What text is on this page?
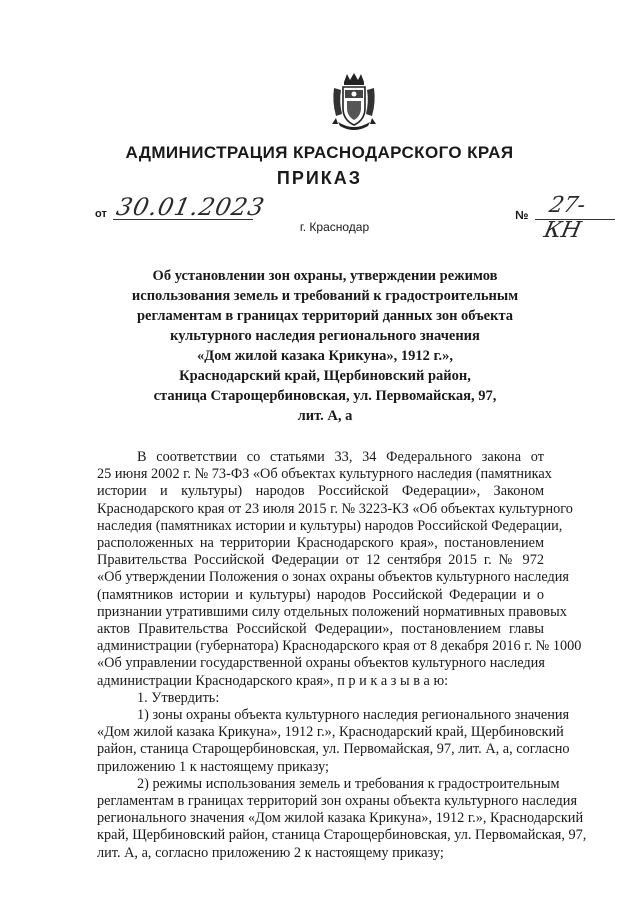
АДМИНИСТРАЦИЯ КРАСНОДАРСКОГО КРАЯ
ПРИКАЗ
от 30.01.2023	№ 27-КН
г. Краснодар
Об установлении зон охраны, утверждении режимов
использования земель и требований к градостроительным
регламентам в границах территорий данных зон объекта
культурного наследия регионального значения
«Дом жилой казака Крикуна», 1912 г.»,
Краснодарский край, Щербиновский район,
станица Старощербиновская, ул. Первомайская, 97,
лит. А, а

В соответствии со статьями 33, 34 Федерального закона от
25 июня 2002 г. № 73-ФЗ «Об объектах культурного наследия (памятниках
истории и культуры) народов Российской Федерации», Законом
Краснодарского края от 23 июля 2015 г. № 3223-КЗ «Об объектах культурного
наследия (памятниках истории и культуры) народов Российской Федерации,
расположенных на территории Краснодарского края», постановлением
Правительства Российской Федерации от 12 сентября 2015 г. № 972
«Об утверждении Положения о зонах охраны объектов культурного наследия
(памятников истории и культуры) народов Российской Федерации и о
признании утратившими силу отдельных положений нормативных правовых
актов Правительства Российской Федерации», постановлением главы
администрации (губернатора) Краснодарского края от 8 декабря 2016 г. № 1000
«Об управлении государственной охраны объектов культурного наследия
администрации Краснодарского края», п р и к а з ы в а ю:

1. Утвердить:

1) зоны охраны объекта культурного наследия регионального значения
«Дом жилой казака Крикуна», 1912 г.», Краснодарский край, Щербиновский
район, станица Старощербиновская, ул. Первомайская, 97, лит. А, а, согласно
приложению 1 к настоящему приказу;

2) режимы использования земель и требования к градостроительным
регламентам в границах территорий зон охраны объекта культурного наследия
регионального значения «Дом жилой казака Крикуна», 1912 г.», Краснодарский
край, Щербиновский район, станица Старощербиновская, ул. Первомайская, 97,
лит. А, а, согласно приложению 2 к настоящему приказу;
